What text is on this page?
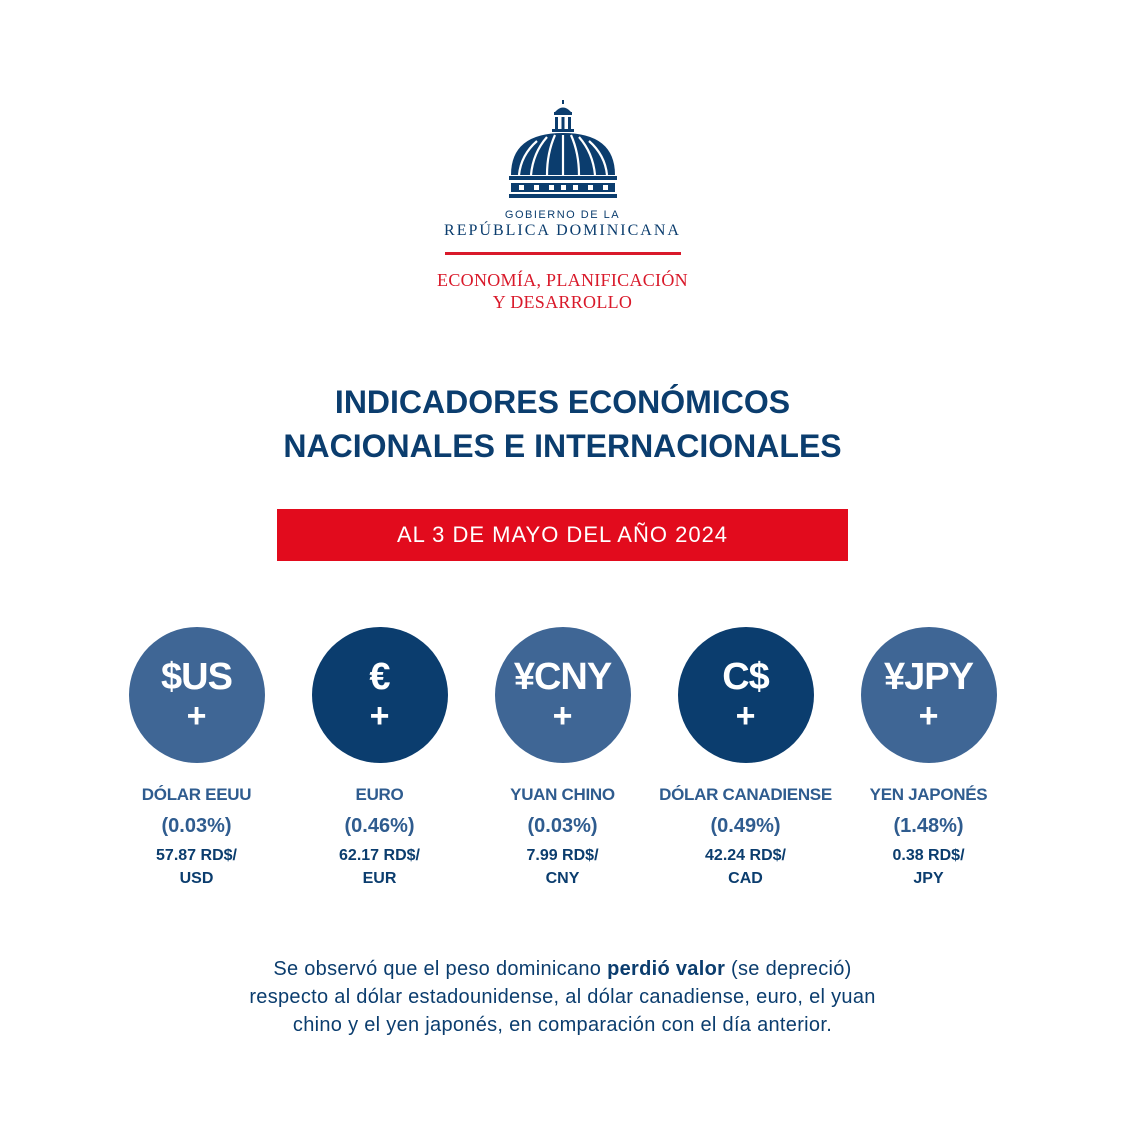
GOBIERNO DE LA
REPÚBLICA DOMINICANA
ECONOMÍA, PLANIFICACIÓN
Y DESARROLLO
INDICADORES ECONÓMICOS
NACIONALES E INTERNACIONALES
AL 3 DE MAYO DEL AÑO 2024
$US
+
DÓLAR EEUU
(0.03%)
57.87 RD$/
USD
€
+
EURO
(0.46%)
62.17 RD$/
EUR
¥CNY
+
YUAN CHINO
(0.03%)
7.99 RD$/
CNY
C$
+
DÓLAR CANADIENSE
(0.49%)
42.24 RD$/
CAD
¥JPY
+
YEN JAPONÉS
(1.48%)
0.38 RD$/
JPY
Se observó que el peso dominicano perdió valor (se depreció)
respecto al dólar estadounidense, al dólar canadiense, euro, el yuan
chino y el yen japonés, en comparación con el día anterior.
